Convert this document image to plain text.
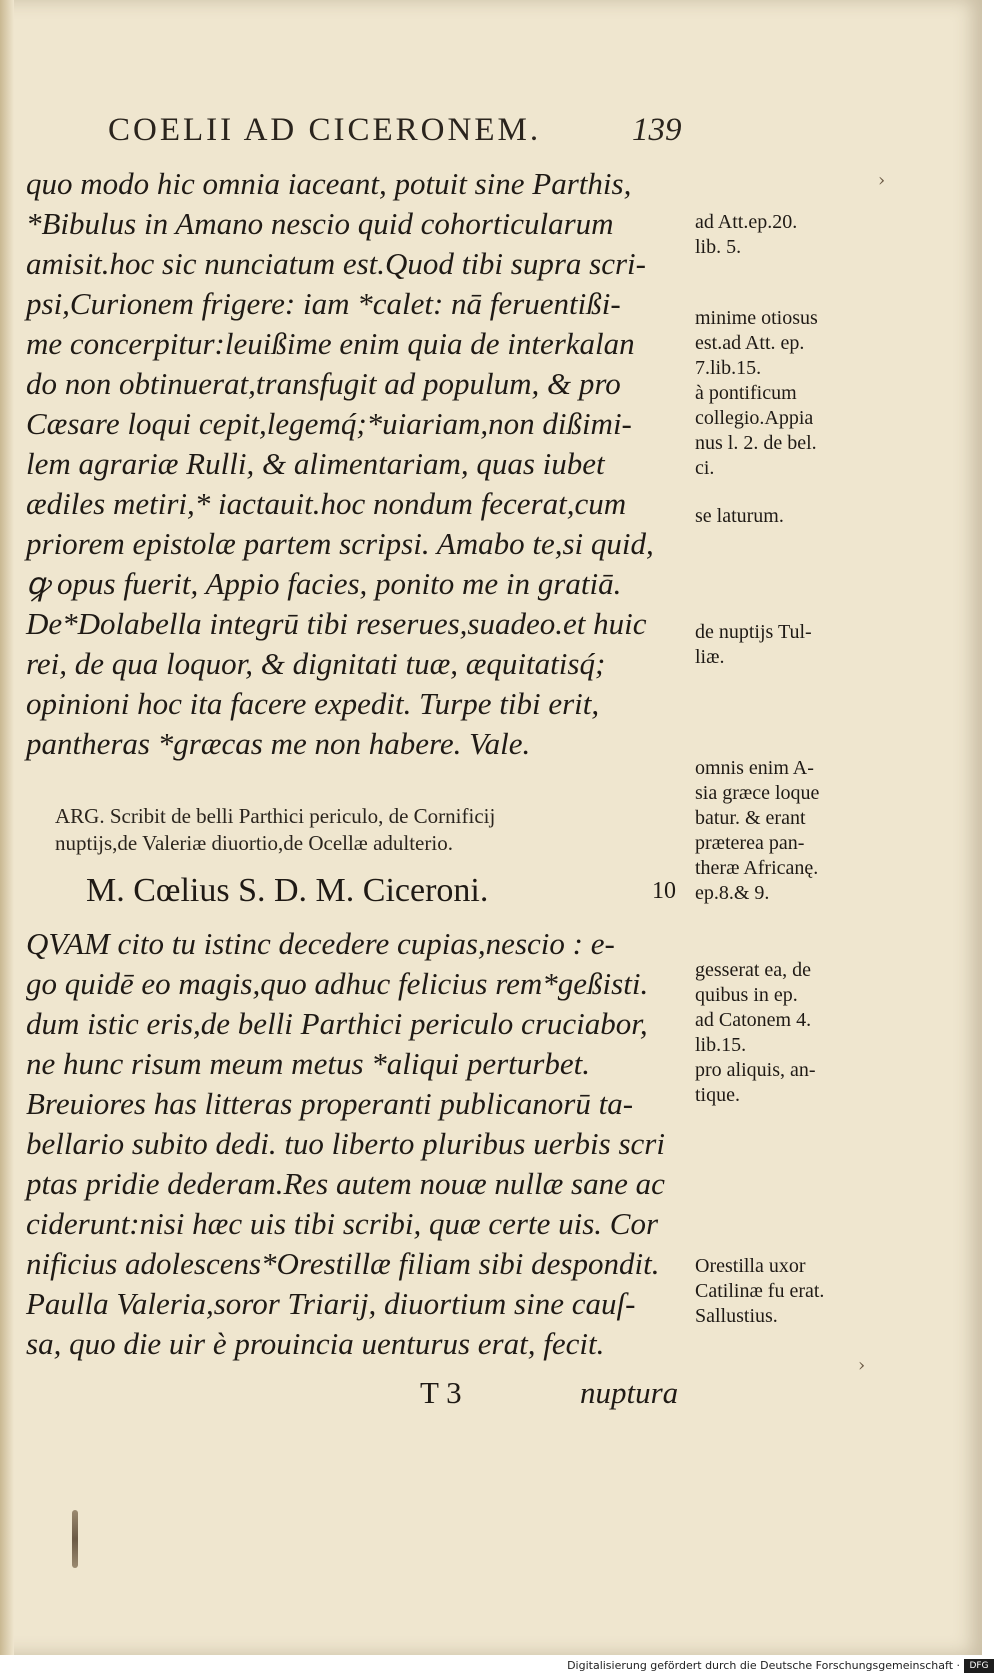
COELII AD CICERONEM.	139
quo modo hic omnia iaceant, potuit sine Parthis,
*Bibulus in Amano nescio quid cohorticularum
amisit.hoc sic nunciatum est.Quod tibi supra scri-
psi,Curionem frigere: iam *calet: nā feruentißi-
me concerpitur:leuißime enim quia de interkalan
do non obtinuerat,transfugit ad populum, & pro
Cæsare loqui cepit,legemq́;*uiariam,non dißimi-
lem agrariæ Rulli, & alimentariam, quas iubet
ædiles metiri,* iactauit.hoc nondum fecerat,cum
priorem epistolæ partem scripsi. Amabo te,si quid,
ꝙ opus fuerit, Appio facies, ponito me in gratiā.
De*Dolabella integrū tibi reserues,suadeo.et huic
rei, de qua loquor, & dignitati tuæ, æquitatisq́;
opinioni hoc ita facere expedit. Turpe tibi erit,
pantheras *græcas me non habere. Vale.
ARG. Scribit de belli Parthici periculo, de Cornificij
nuptijs,de Valeriæ diuortio,de Ocellæ adulterio.
M. Cœlius S. D. M. Ciceroni.	10
QVAM cito tu istinc decedere cupias,nescio : e-
go quidē eo magis,quo adhuc felicius rem*geßisti.
dum istic eris,de belli Parthici periculo cruciabor,
ne hunc risum meum metus *aliqui perturbet.
Breuiores has litteras properanti publicanorū ta-
bellario subito dedi. tuo liberto pluribus uerbis scri
ptas pridie dederam.Res autem nouæ nullæ sane ac
ciderunt:nisi hæc uis tibi scribi, quæ certe uis. Cor
nificius adolescens*Orestillæ filiam sibi despondit.
Paulla Valeria,soror Triarij, diuortium sine cauſ-
sa, quo die uir è prouincia uenturus erat, fecit.
ad Att.ep.20.
lib. 5.
minime otiosus
est.ad Att. ep.
7.lib.15.
à pontificum
collegio.Appia
nus l. 2. de bel.
ci.
se laturum.
de nuptijs Tul-
liæ.
omnis enim A-
sia græce loque
batur. & erant
præterea pan-
theræ Africanę.
ep.8.& 9.
gesserat ea, de
quibus in ep.
ad Catonem 4.
lib.15.
pro aliquis, an-
tique.
Orestilla uxor
Catilinæ fu erat.
Sallustius.
T 3	nuptura
›
›
Digitalisierung gefördert durch die Deutsche Forschungsgemeinschaft ·	DFG
